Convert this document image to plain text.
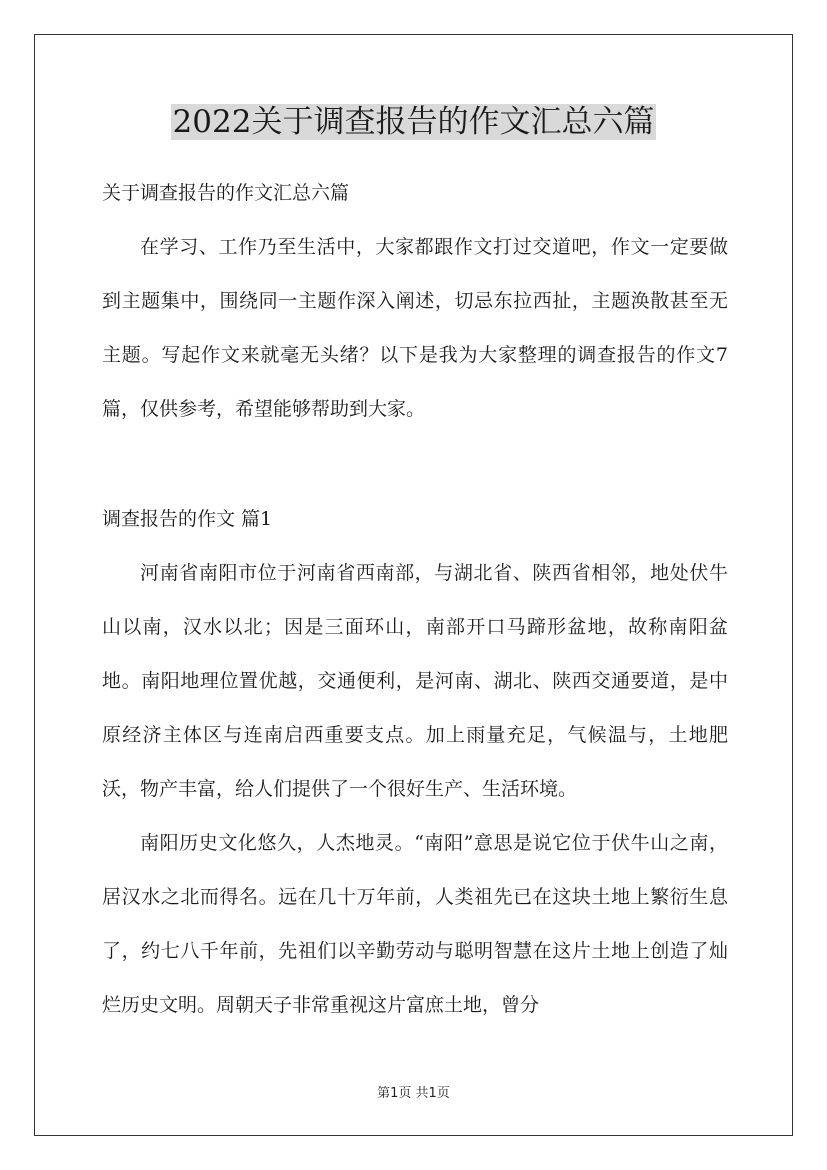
2022关于调查报告的作文汇总六篇
关于调查报告的作文汇总六篇

在学习、工作乃至生活中，大家都跟作文打过交道吧，作文一定要做到主题集中，围绕同一主题作深入阐述，切忌东拉西扯，主题涣散甚至无主题。写起作文来就毫无头绪？以下是我为大家整理的调查报告的作文7篇，仅供参考，希望能够帮助到大家。

调查报告的作文 篇1

河南省南阳市位于河南省西南部，与湖北省、陕西省相邻，地处伏牛山以南，汉水以北；因是三面环山，南部开口马蹄形盆地，故称南阳盆地。南阳地理位置优越，交通便利，是河南、湖北、陕西交通要道，是中原经济主体区与连南启西重要支点。加上雨量充足，气候温与，土地肥沃，物产丰富，给人们提供了一个很好生产、生活环境。

南阳历史文化悠久，人杰地灵。“南阳”意思是说它位于伏牛山之南，居汉水之北而得名。远在几十万年前，人类祖先已在这块土地上繁衍生息了，约七八千年前，先祖们以辛勤劳动与聪明智慧在这片土地上创造了灿烂历史文明。周朝天子非常重视这片富庶土地，曾分

第1页 共1页
